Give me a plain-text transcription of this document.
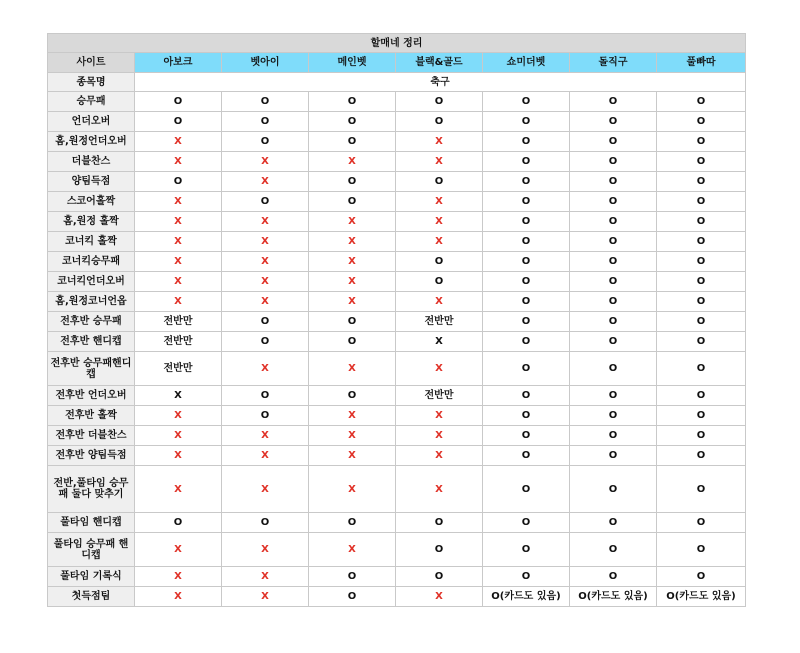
할매네 정리							
사이트	아보크	벳아이	메인벳	블랙&골드	쇼미더벳	돌직구	풀빠따
종목명	축구						
승무패	O	O	O	O	O	O	O
언더오버	O	O	O	O	O	O	O
홈,원정언더오버	X	O	O	X	O	O	O
더블찬스	X	X	X	X	O	O	O
양팀득점	O	X	O	O	O	O	O
스코어홀짝	X	O	O	X	O	O	O
홈,원정 홀짝	X	X	X	X	O	O	O
코너킥 홀짝	X	X	X	X	O	O	O
코너킥승무패	X	X	X	O	O	O	O
코너킥언더오버	X	X	X	O	O	O	O
홈,원정코너언옵	X	X	X	X	O	O	O
전후반 승무패	전반만	O	O	전반만	O	O	O
전후반 핸디캡	전반만	O	O	X	O	O	O
전후반 승무패핸디캡	전반만	X	X	X	O	O	O
전후반 언더오버	X	O	O	전반만	O	O	O
전후반 홀짝	X	O	X	X	O	O	O
전후반 더블찬스	X	X	X	X	O	O	O
전후반 양팀득점	X	X	X	X	O	O	O
전반,풀타임 승무패 둘다 맞추기	X	X	X	X	O	O	O
풀타임 핸디캡	O	O	O	O	O	O	O
풀타임 승무패 핸디캡	X	X	X	O	O	O	O
풀타임 기록식	X	X	O	O	O	O	O
첫득점팀	X	X	O	X	O(카드도 있음)	O(카드도 있음)	O(카드도 있음)
